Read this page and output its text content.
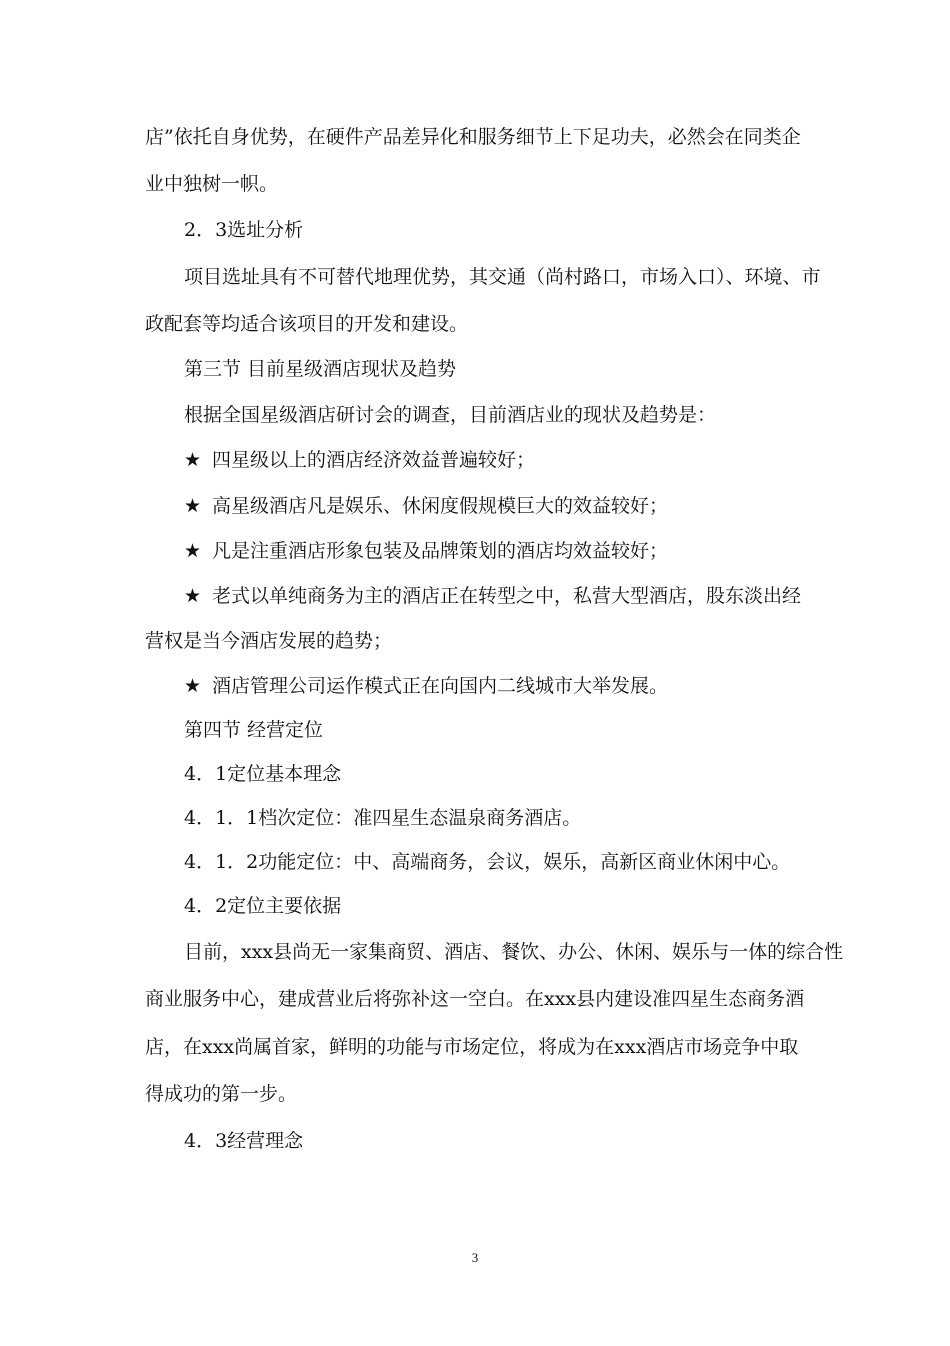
店”依托自身优势，在硬件产品差异化和服务细节上下足功夫，必然会在同类企
业中独树一帜。
2．3选址分析
项目选址具有不可替代地理优势，其交通（尚村路口，市场入口）、环境、市
政配套等均适合该项目的开发和建设。
第三节 目前星级酒店现状及趋势
根据全国星级酒店研讨会的调查，目前酒店业的现状及趋势是：
★ 四星级以上的酒店经济效益普遍较好；
★ 高星级酒店凡是娱乐、休闲度假规模巨大的效益较好；
★ 凡是注重酒店形象包装及品牌策划的酒店均效益较好；
★ 老式以单纯商务为主的酒店正在转型之中，私营大型酒店，股东淡出经
营权是当今酒店发展的趋势；
★ 酒店管理公司运作模式正在向国内二线城市大举发展。
第四节 经营定位
4．1定位基本理念
4．1．1档次定位：准四星生态温泉商务酒店。
4．1．2功能定位：中、高端商务，会议，娱乐，高新区商业休闲中心。
4．2定位主要依据
目前，xxx县尚无一家集商贸、酒店、餐饮、办公、休闲、娱乐与一体的综合性
商业服务中心，建成营业后将弥补这一空白。在xxx县内建设准四星生态商务酒
店，在xxx尚属首家，鲜明的功能与市场定位，将成为在xxx酒店市场竞争中取
得成功的第一步。
4．3经营理念
3
